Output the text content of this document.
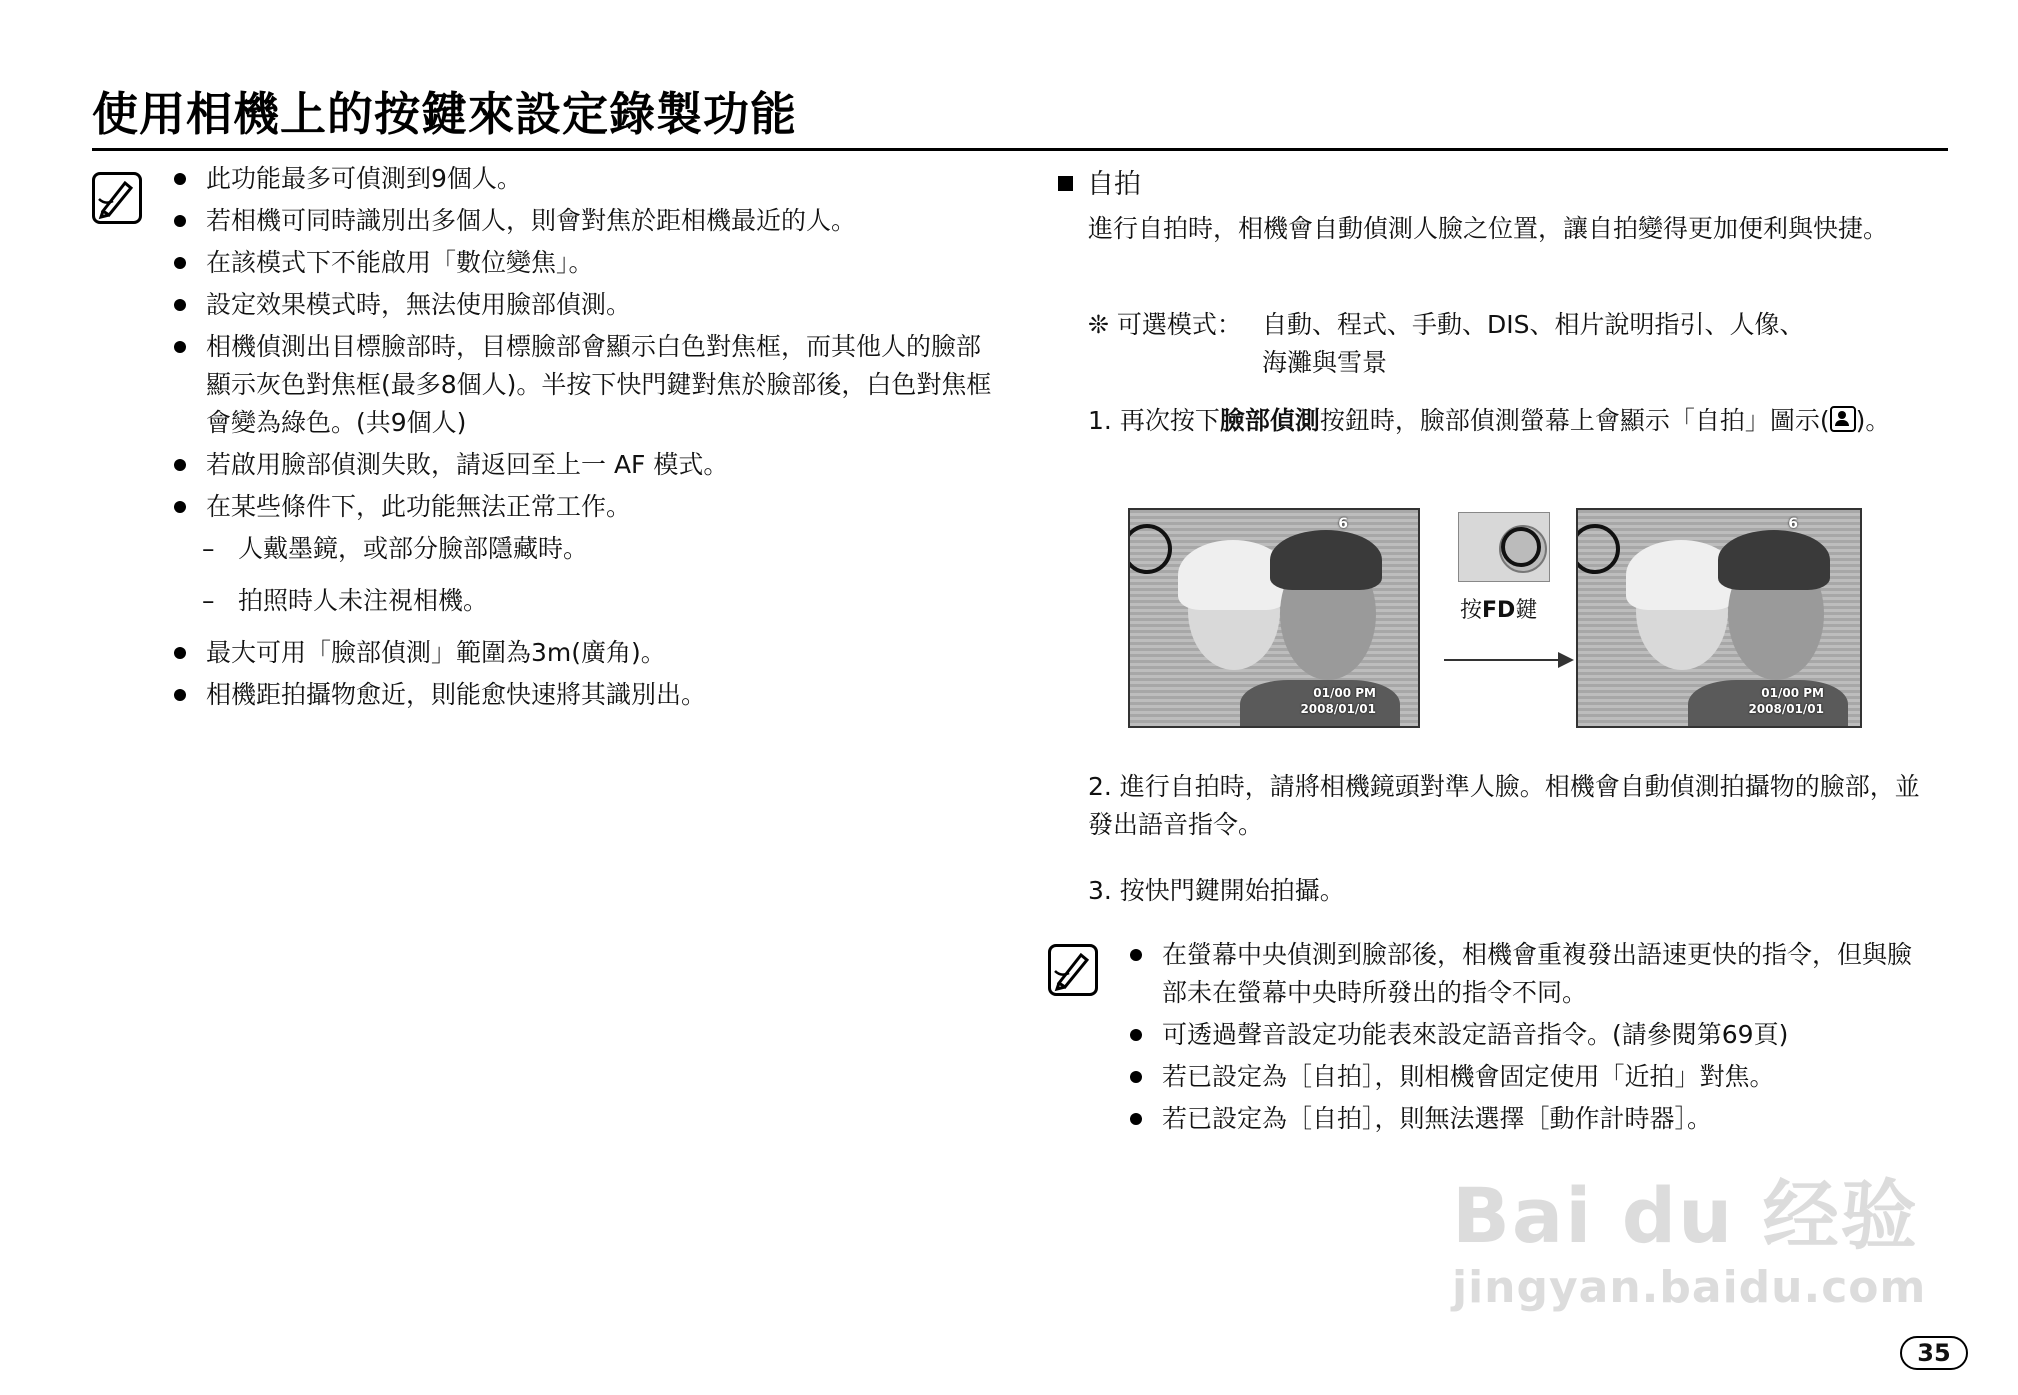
使用相機上的按鍵來設定錄製功能
此功能最多可偵測到9個人。
若相機可同時識別出多個人，則會對焦於距相機最近的人。
在該模式下不能啟用「數位變焦」。
設定效果模式時，無法使用臉部偵測。
相機偵測出目標臉部時，目標臉部會顯示白色對焦框，而其他人的臉部顯示灰色對焦框(最多8個人)。半按下快門鍵對焦於臉部後，白色對焦框會變為綠色。(共9個人)
若啟用臉部偵測失敗，請返回至上一 AF 模式。
在某些條件下，此功能無法正常工作。
– 人戴墨鏡，或部分臉部隱藏時。
– 拍照時人未注視相機。
最大可用「臉部偵測」範圍為3m(廣角)。
相機距拍攝物愈近，則能愈快速將其識別出。
自拍
進行自拍時，相機會自動偵測人臉之位置，讓自拍變得更加便利與快捷。
❊ 可選模式： 自動、程式、手動、DIS、相片說明指引、人像、
海灘與雪景
1. 再次按下臉部偵測按鈕時，臉部偵測螢幕上會顯示「自拍」圖示( )。
6
01/00 PM
2008/01/01
按FD鍵
6
01/00 PM
2008/01/01
2. 進行自拍時，請將相機鏡頭對準人臉。相機會自動偵測拍攝物的臉部，並發出語音指令。
3. 按快門鍵開始拍攝。
在螢幕中央偵測到臉部後，相機會重複發出語速更快的指令，但與臉部未在螢幕中央時所發出的指令不同。
可透過聲音設定功能表來設定語音指令。(請參閱第69頁)
若已設定為［自拍］，則相機會固定使用「近拍」對焦。
若已設定為［自拍］，則無法選擇［動作計時器］。
Bai du 经验
jingyan.baidu.com
35
